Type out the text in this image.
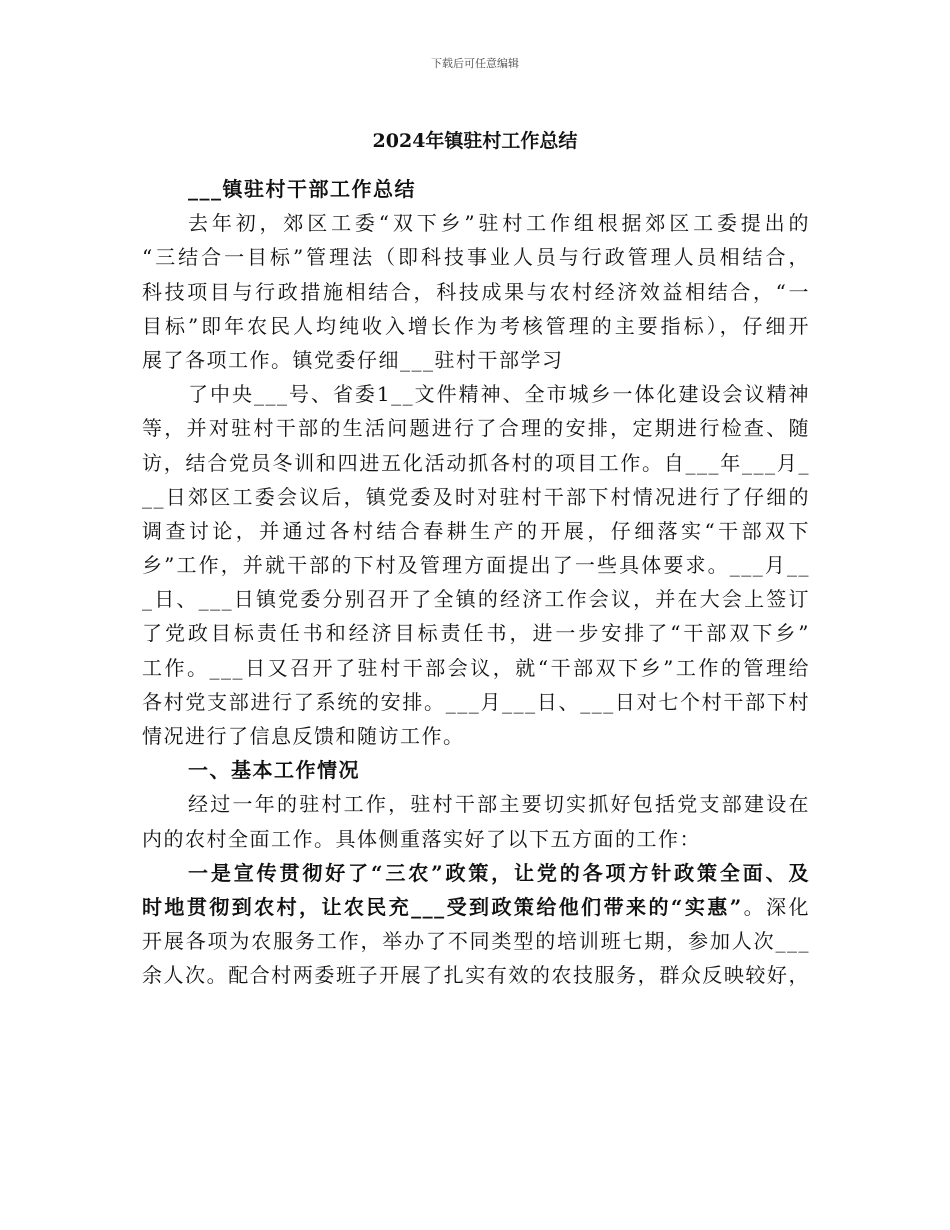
下载后可任意编辑
2024年镇驻村工作总结
___镇驻村干部工作总结
去年初，郊区工委“双下乡”驻村工作组根据郊区工委提出的
“三结合一目标”管理法（即科技事业人员与行政管理人员相结合，
科技项目与行政措施相结合，科技成果与农村经济效益相结合，“一
目标”即年农民人均纯收入增长作为考核管理的主要指标），仔细开
展了各项工作。镇党委仔细___驻村干部学习
了中央___号、省委1__文件精神、全市城乡一体化建设会议精神
等，并对驻村干部的生活问题进行了合理的安排，定期进行检查、随
访，结合党员冬训和四进五化活动抓各村的项目工作。自___年___月_
__日郊区工委会议后，镇党委及时对驻村干部下村情况进行了仔细的
调查讨论，并通过各村结合春耕生产的开展，仔细落实“干部双下
乡”工作，并就干部的下村及管理方面提出了一些具体要求。___月__
_日、___日镇党委分别召开了全镇的经济工作会议，并在大会上签订
了党政目标责任书和经济目标责任书，进一步安排了“干部双下乡”
工作。___日又召开了驻村干部会议，就“干部双下乡”工作的管理给
各村党支部进行了系统的安排。___月___日、___日对七个村干部下村
情况进行了信息反馈和随访工作。
一、基本工作情况
经过一年的驻村工作，驻村干部主要切实抓好包括党支部建设在
内的农村全面工作。具体侧重落实好了以下五方面的工作：
一是宣传贯彻好了“三农”政策，让党的各项方针政策全面、及
时地贯彻到农村，让农民充___受到政策给他们带来的“实惠”。深化
开展各项为农服务工作，举办了不同类型的培训班七期，参加人次___
余人次。配合村两委班子开展了扎实有效的农技服务，群众反映较好，
